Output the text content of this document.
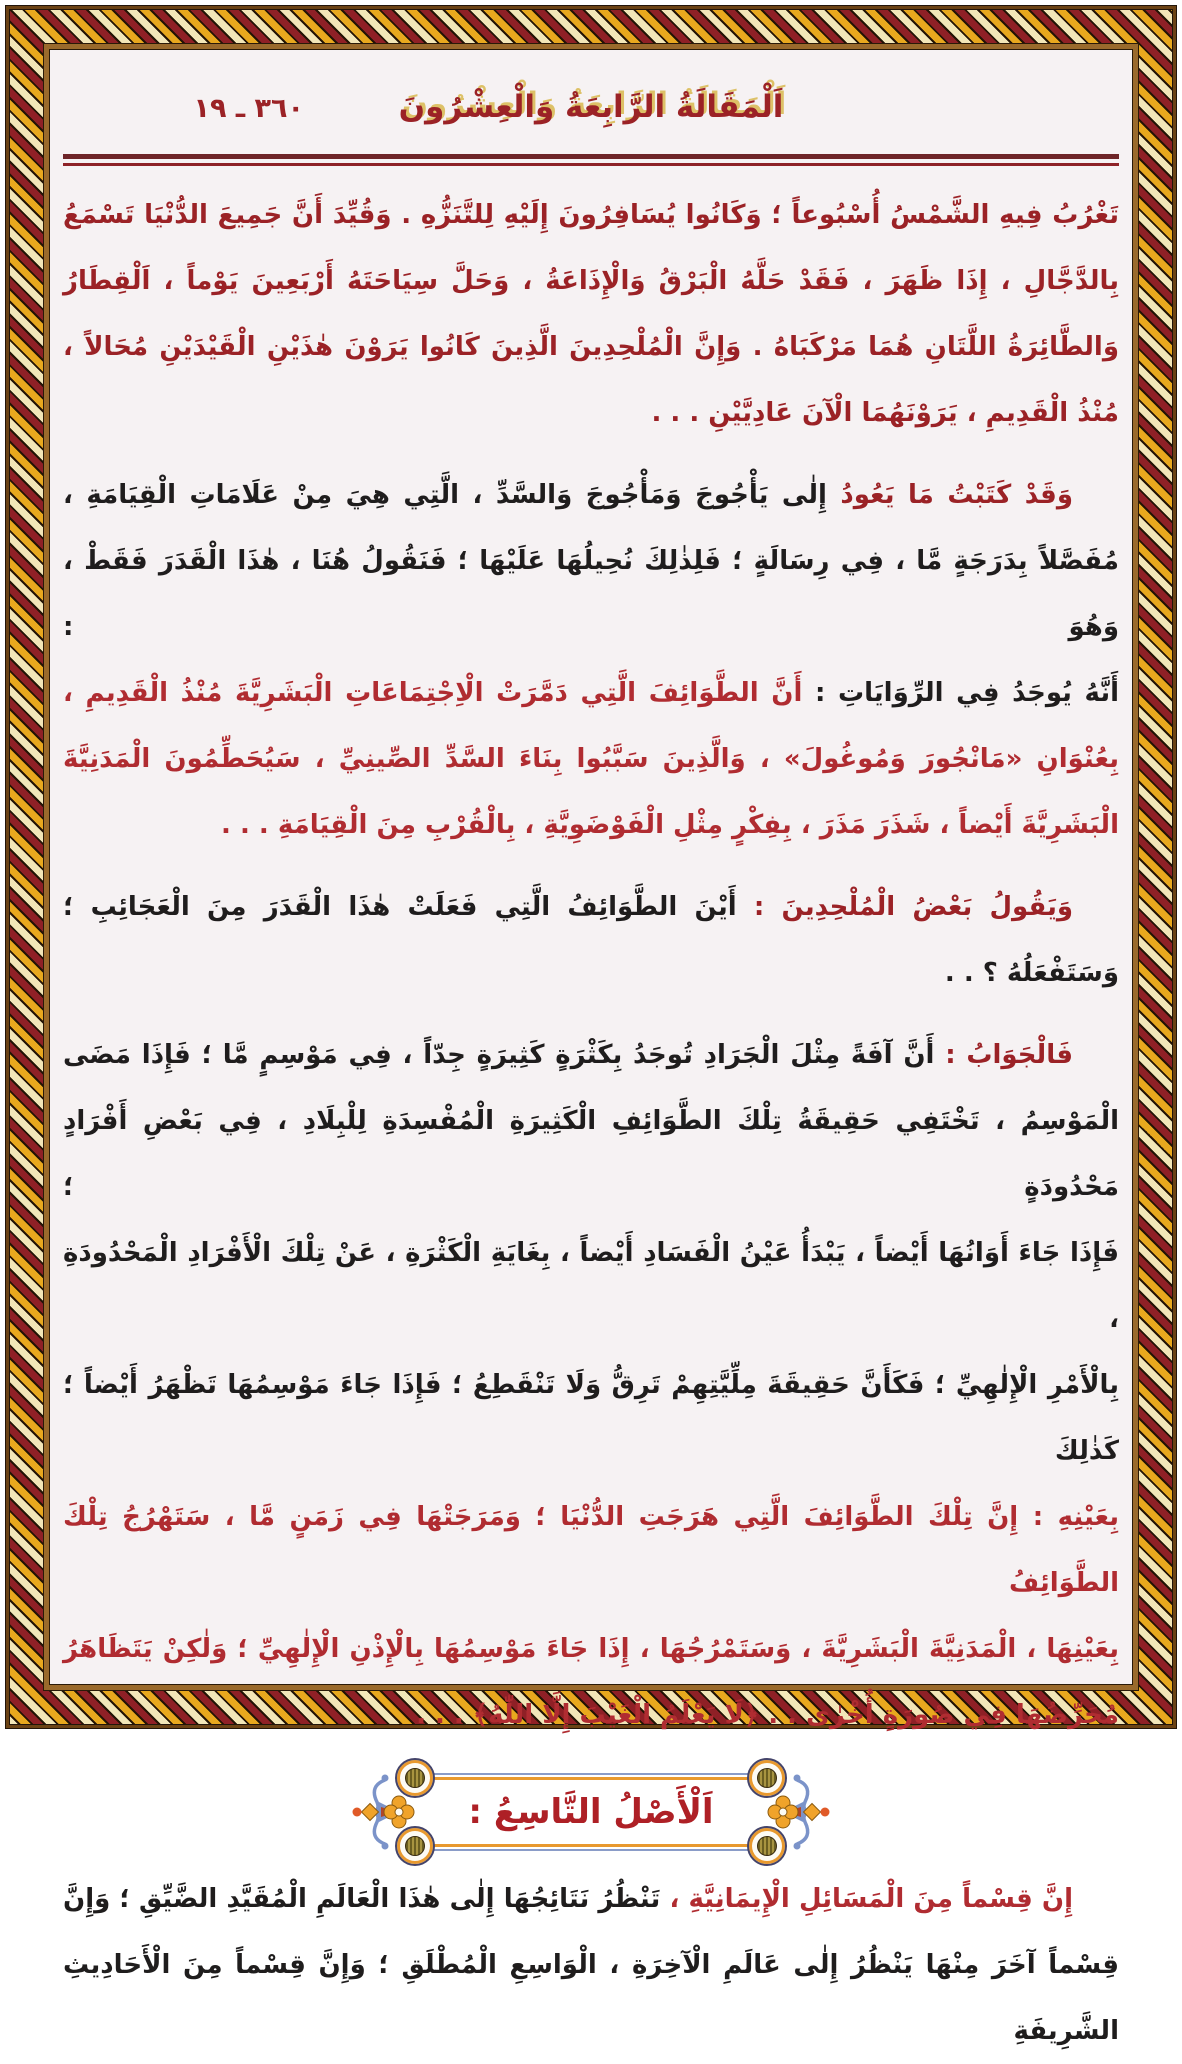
اَلْمَقَالَةُ الرَّابِعَةُ وَالْعِشْرُونَ
٣٦٠ ـ ١٩
تَغْرُبُ فِيهِ الشَّمْسُ أُسْبُوعاً ؛ وَكَانُوا يُسَافِرُونَ إِلَيْهِ لِلتَّنَزُّهِ . وَقُيِّدَ أَنَّ جَمِيعَ الدُّنْيَا تَسْمَعُ
بِالدَّجَّالِ ، إِذَا ظَهَرَ ، فَقَدْ حَلَّهُ الْبَرْقُ وَالْإِذَاعَةُ ، وَحَلَّ سِيَاحَتَهُ أَرْبَعِينَ يَوْماً ، اَلْقِطَارُ
وَالطَّائِرَةُ اللَّتَانِ هُمَا مَرْكَبَاهُ . وَإِنَّ الْمُلْحِدِينَ الَّذِينَ كَانُوا يَرَوْنَ هٰذَيْنِ الْقَيْدَيْنِ مُحَالاً ،
مُنْذُ الْقَدِيمِ ، يَرَوْنَهُمَا الْآنَ عَادِيَّيْنِ . . .
وَقَدْ كَتَبْتُ مَا يَعُودُ إِلٰى يَأْجُوجَ وَمَأْجُوجَ وَالسَّدِّ ، الَّتِي هِيَ مِنْ عَلَامَاتِ الْقِيَامَةِ ،
مُفَصَّلاً بِدَرَجَةٍ مَّا ، فِي رِسَالَةٍ ؛ فَلِذٰلِكَ نُحِيلُهَا عَلَيْهَا ؛ فَنَقُولُ هُنَا ، هٰذَا الْقَدَرَ فَقَطْ ، وَهُوَ :
أَنَّهُ يُوجَدُ فِي الرِّوَايَاتِ : أَنَّ الطَّوَائِفَ الَّتِي دَمَّرَتْ الْاِجْتِمَاعَاتِ الْبَشَرِيَّةَ مُنْذُ الْقَدِيمِ ،
بِعُنْوَانِ «مَانْجُورَ وَمُوغُولَ» ، وَالَّذِينَ سَبَّبُوا بِنَاءَ السَّدِّ الصِّينِيِّ ، سَيُحَطِّمُونَ الْمَدَنِيَّةَ
الْبَشَرِيَّةَ أَيْضاً ، شَذَرَ مَذَرَ ، بِفِكْرٍ مِثْلِ الْفَوْضَوِيَّةِ ، بِالْقُرْبِ مِنَ الْقِيَامَةِ . . .
وَيَقُولُ بَعْضُ الْمُلْحِدِينَ : أَيْنَ الطَّوَائِفُ الَّتِي فَعَلَتْ هٰذَا الْقَدَرَ مِنَ الْعَجَائِبِ ؛
وَسَتَفْعَلُهُ ؟ . .
فَالْجَوَابُ : أَنَّ آفَةً مِثْلَ الْجَرَادِ تُوجَدُ بِكَثْرَةٍ كَثِيرَةٍ جِدّاً ، فِي مَوْسِمٍ مَّا ؛ فَإِذَا مَضَى
الْمَوْسِمُ ، تَخْتَفِي حَقِيقَةُ تِلْكَ الطَّوَائِفِ الْكَثِيرَةِ الْمُفْسِدَةِ لِلْبِلَادِ ، فِي بَعْضِ أَفْرَادٍ مَحْدُودَةٍ ؛
فَإِذَا جَاءَ أَوَانُهَا أَيْضاً ، يَبْدَأُ عَيْنُ الْفَسَادِ أَيْضاً ، بِغَايَةِ الْكَثْرَةِ ، عَنْ تِلْكَ الْأَفْرَادِ الْمَحْدُودَةِ ،
بِالْأَمْرِ الْإِلٰهِيِّ ؛ فَكَأَنَّ حَقِيقَةَ مِلِّيَّتِهِمْ تَرِقُّ وَلَا تَنْقَطِعُ ؛ فَإِذَا جَاءَ مَوْسِمُهَا تَظْهَرُ أَيْضاً ؛ كَذٰلِكَ
بِعَيْنِهِ : إِنَّ تِلْكَ الطَّوَائِفَ الَّتِي هَرَجَتِ الدُّنْيَا ؛ وَمَرَجَتْهَا فِي زَمَنٍ مَّا ، سَتَهْرُجُ تِلْكَ الطَّوَائِفُ
بِعَيْنِهَا ، الْمَدَنِيَّةَ الْبَشَرِيَّةَ ، وَسَتَمْرُجُهَا ، إِذَا جَاءَ مَوْسِمُهَا بِالْإِذْنِ الْإِلٰهِيِّ ؛ وَلٰكِنْ يَتَظَاهَرُ
مُحَرِّضُهَا فِي صُورَةٍ أُخْرٰى . . ﴿لَا يَعْلَمُ الْغَيْبَ إِلَّا اللّٰهُ﴾ . . .
اَلْأَصْلُ التَّاسِعُ :
إِنَّ قِسْماً مِنَ الْمَسَائِلِ الْإِيمَانِيَّةِ ، تَنْظُرُ نَتَائِجُهَا إِلٰى هٰذَا الْعَالَمِ الْمُقَيَّدِ الضَّيِّقِ ؛ وَإِنَّ
قِسْماً آخَرَ مِنْهَا يَنْظُرُ إِلٰى عَالَمِ الْآخِرَةِ ، الْوَاسِعِ الْمُطْلَقِ ؛ وَإِنَّ قِسْماً مِنَ الْأَحَادِيثِ الشَّرِيفَةِ
